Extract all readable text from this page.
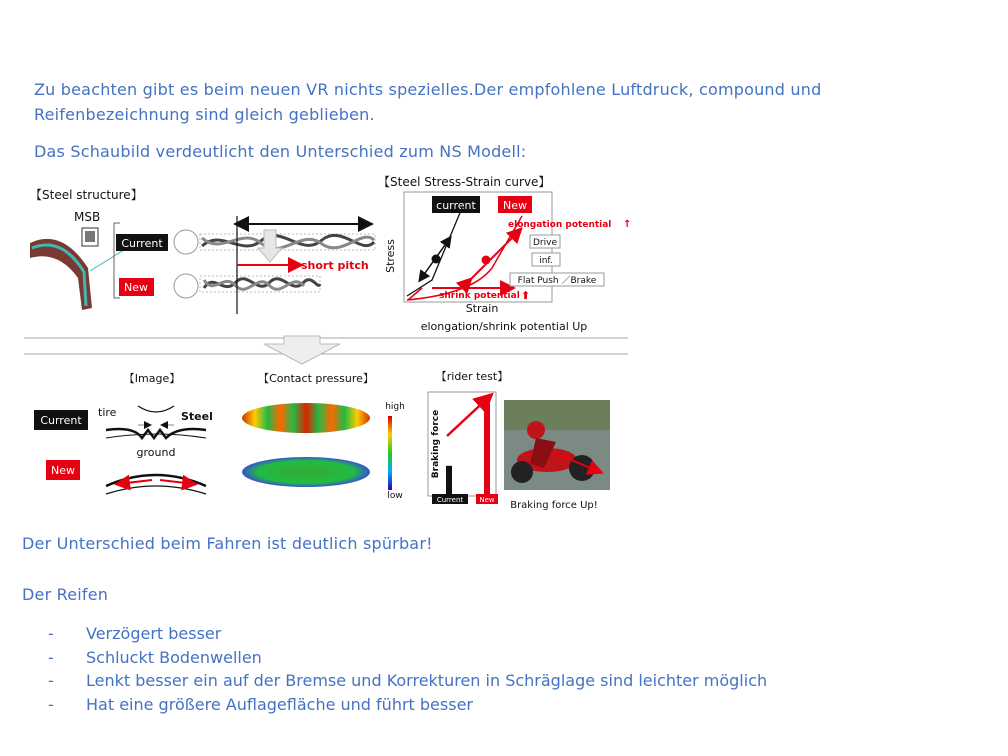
Zu beachten gibt es beim neuen VR nichts spezielles.Der empfohlene Luftdruck, compound und

Reifenbezeichnung sind gleich geblieben.

Das Schaubild verdeutlicht den Unterschied zum NS Modell:

【Steel structure】
MSB
Current
New
short pitch
【Steel Stress-Strain curve】
Stress
Strain
elongation/shrink potential Up
current New
elongation potential ↑
Drive
inf.
Flat Push ／Brake
shrink potential ⬆
【Image】
Current
New
tire	Steel
ground
【Contact pressure】
high
low
【rider test】
Braking force
Current New Braking force Up!

Der Unterschied beim Fahren ist deutlich spürbar!

Der Reifen

- Verzögert besser
- Schluckt Bodenwellen
- Lenkt besser ein auf der Bremse und Korrekturen in Schräglage sind leichter möglich
- Hat eine größere Auflagefläche und führt besser
